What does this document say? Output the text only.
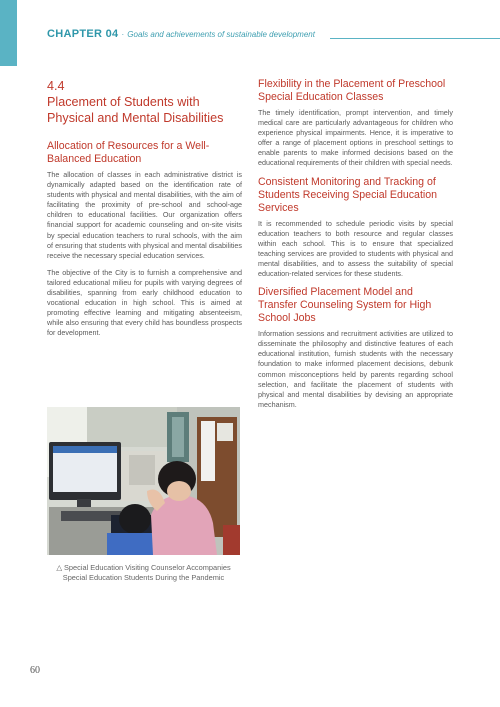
CHAPTER 04 · Goals and achievements of sustainable development
4.4
Placement of Students with Physical and Mental Disabilities
Allocation of Resources for a Well-Balanced Education

The allocation of classes in each administrative district is dynamically adapted based on the identification rate of students with physical and mental disabilities, with the aim of facilitating the proximity of pre-school and school-age children to educational facilities. Our organization offers financial support for academic counseling and on-site visits by special education teachers to rural schools, with the aim of ensuring that students with physical and mental disabilities receive the necessary special education services.

The objective of the City is to furnish a comprehensive and tailored educational milieu for pupils with varying degrees of disabilities, spanning from early childhood education to vocational education in high school. This is aimed at promoting effective learning and mitigating absenteeism, while also ensuring that every child has boundless prospects for development.

△ Special Education Visiting Counselor Accompanies Special Education Students During the Pandemic
Flexibility in the Placement of Preschool Special Education Classes

The timely identification, prompt intervention, and timely medical care are particularly advantageous for children who experience physical impairments. Hence, it is imperative to offer a range of placement options in preschool settings to enable parents to make informed decisions based on the educational requirements of their children with special needs.

Consistent Monitoring and Tracking of Students Receiving Special Education Services

It is recommended to schedule periodic visits by special education teachers to both resource and regular classes within each school. This is to ensure that specialized teaching services are provided to students with physical and mental disabilities, and to assess the suitability of special education-related services for these students.

Diversified Placement Model and Transfer Counseling System for High School Jobs

Information sessions and recruitment activities are utilized to disseminate the philosophy and distinctive features of each educational institution, furnish students with the necessary foundation to make informed placement decisions, debunk common misconceptions held by parents regarding school selection, and facilitate the placement of students with physical and mental disabilities by devising an appropriate mechanism.

60
